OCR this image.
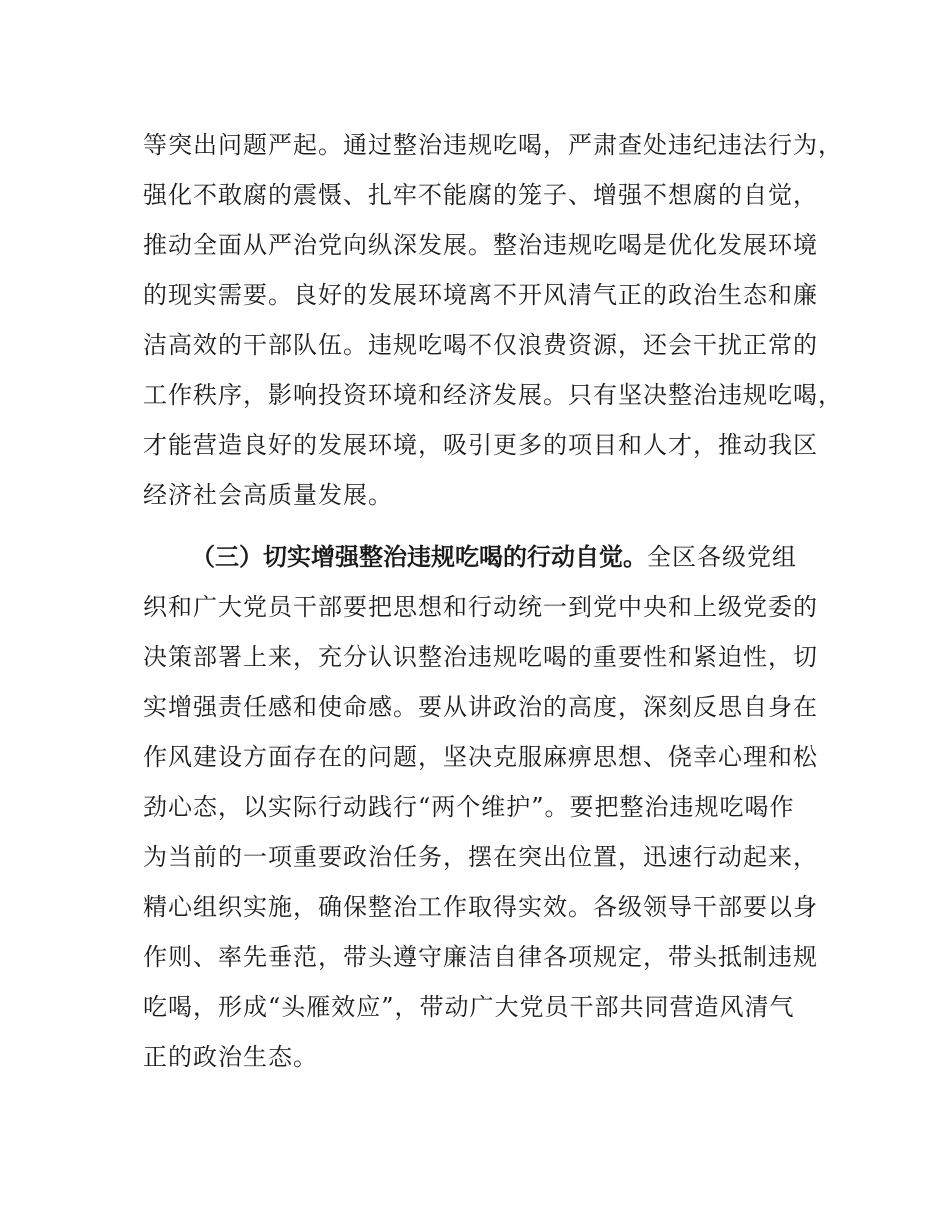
等突出问题严起。通过整治违规吃喝，严肃查处违纪违法行为，
强化不敢腐的震慑、扎牢不能腐的笼子、增强不想腐的自觉，
推动全面从严治党向纵深发展。整治违规吃喝是优化发展环境
的现实需要。良好的发展环境离不开风清气正的政治生态和廉
洁高效的干部队伍。违规吃喝不仅浪费资源，还会干扰正常的
工作秩序，影响投资环境和经济发展。只有坚决整治违规吃喝，
才能营造良好的发展环境，吸引更多的项目和人才，推动我区
经济社会高质量发展。
（三）切实增强整治违规吃喝的行动自觉。全区各级党组
织和广大党员干部要把思想和行动统一到党中央和上级党委的
决策部署上来，充分认识整治违规吃喝的重要性和紧迫性，切
实增强责任感和使命感。要从讲政治的高度，深刻反思自身在
作风建设方面存在的问题，坚决克服麻痹思想、侥幸心理和松
劲心态，以实际行动践行“两个维护”。要把整治违规吃喝作
为当前的一项重要政治任务，摆在突出位置，迅速行动起来，
精心组织实施，确保整治工作取得实效。各级领导干部要以身
作则、率先垂范，带头遵守廉洁自律各项规定，带头抵制违规
吃喝，形成“头雁效应”，带动广大党员干部共同营造风清气
正的政治生态。
